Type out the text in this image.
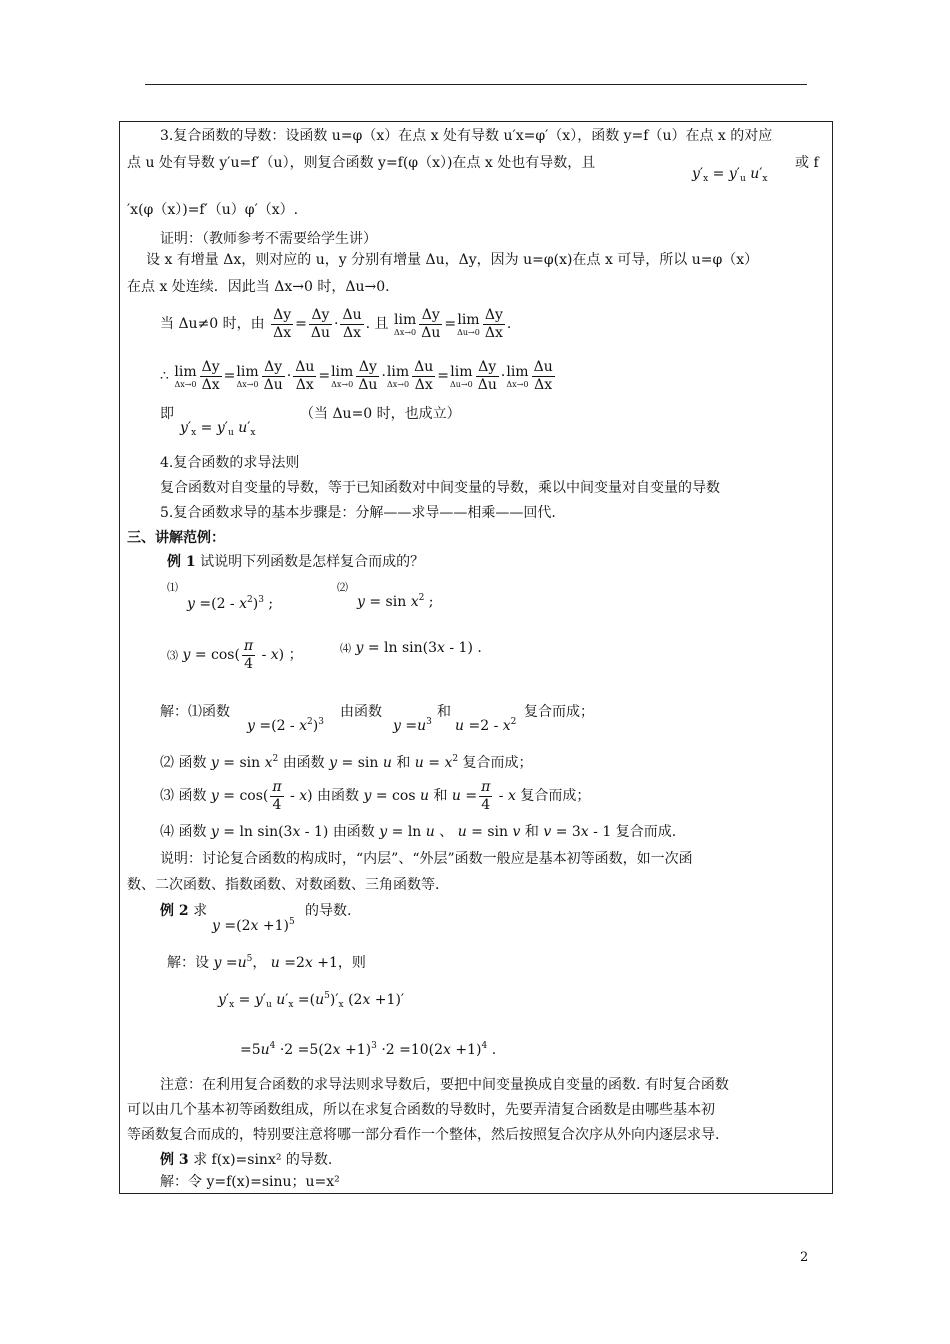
3.复合函数的导数：设函数 u=φ（x）在点 x 处有导数 u′x=φ′（x），函数 y=f（u）在点 x 的对应
点 u 处有导数 y′u=f′（u），则复合函数 y=f(φ（x）)在点 x 处也有导数，且
$y'_x = y'_u$ $u'_x$
或 f
′x(φ（x）)=f′（u）φ′（x）.
证明：（教师参考不需要给学生讲）
设 x 有增量 Δx，则对应的 u，y 分别有增量 Δu，Δy，因为 u=φ(x)在点 x 可导，所以 u=φ（x）
在点 x 处连续．因此当 Δx→0 时，Δu→0.
当 Δu≠0 时，由 $\frac{\Delta y}{\Delta x} = \frac{\Delta y}{\Delta u} \cdot \frac{\Delta u}{\Delta x}$ . 且 lim
$\Delta x\to 0 \frac{\Delta y}{\Delta u} = \lim$
$\Delta u\to 0 \frac{\Delta y}{\Delta x}$ .
∴ lim
$\Delta x\to 0 \frac{\Delta y}{\Delta x} = \lim$
$\Delta x\to 0 \frac{\Delta y}{\Delta u} \cdot \frac{\Delta u}{\Delta x} = \lim$
$\Delta x\to 0 \frac{\Delta y}{\Delta u} \cdot \lim$
$\Delta x\to 0 \frac{\Delta u}{\Delta x} = \lim$
$\Delta u\to 0 \frac{\Delta y}{\Delta u} \cdot \lim$
$\Delta x\to 0 \frac{\Delta u}{\Delta x}$
即
$y'_x = y'_u$ $u'_x$
（当 Δu=0 时，也成立）
4.复合函数的求导法则
复合函数对自变量的导数，等于已知函数对中间变量的导数，乘以中间变量对自变量的导数
5.复合函数求导的基本步骤是：分解——求导——相乘——回代.
三、讲解范例：
例 1 试说明下列函数是怎样复合而成的？
⑴
$y =(2 - x^2)^3$ ;
⑵
$y = \sin x^2$ ;
⑶ $y = \cos( \frac{\pi}{4} - x)$ ；	⑷ y = ln sin(3x - 1) .
解：⑴函数
$y =(2 - x^2)^3$
由函数
$y =u^3$
和
$u =2 - x^2$
复合而成；
⑵ 函数 $y = \sin x^2$ 由函数 y = sin u 和 $u = x^2$ 复合而成；
⑶ 函数 $y = \cos( \frac{\pi}{4} - x)$ 由函数 y = cos u 和 $u = \frac{\pi}{4} - x$ 复合而成；
⑷ 函数 y = ln sin(3x - 1) 由函数 y = ln u 、 u = sin v 和 v = 3x - 1 复合而成.
说明：讨论复合函数的构成时，“内层”、“外层”函数一般应是基本初等函数，如一次函
数、二次函数、指数函数、对数函数、三角函数等.
例 2 求
$y =(2x +1)^5$
的导数.
解：设 $y =u^5$， u =2x +1，则
$y'_x = y'_u$ $u'_x =(u^5)'_x$ (2x +1)′
$=5u^4 \cdot 2 =5(2x +1)^3 \cdot 2 =10(2x +1)^4$ .
注意：在利用复合函数的求导法则求导数后，要把中间变量换成自变量的函数. 有时复合函数
可以由几个基本初等函数组成，所以在求复合函数的导数时，先要弄清复合函数是由哪些基本初
等函数复合而成的，特别要注意将哪一部分看作一个整体，然后按照复合次序从外向内逐层求导.
例 3 求 f(x)=sinx² 的导数.
解：令 y=f(x)=sinu；u=x²
2
